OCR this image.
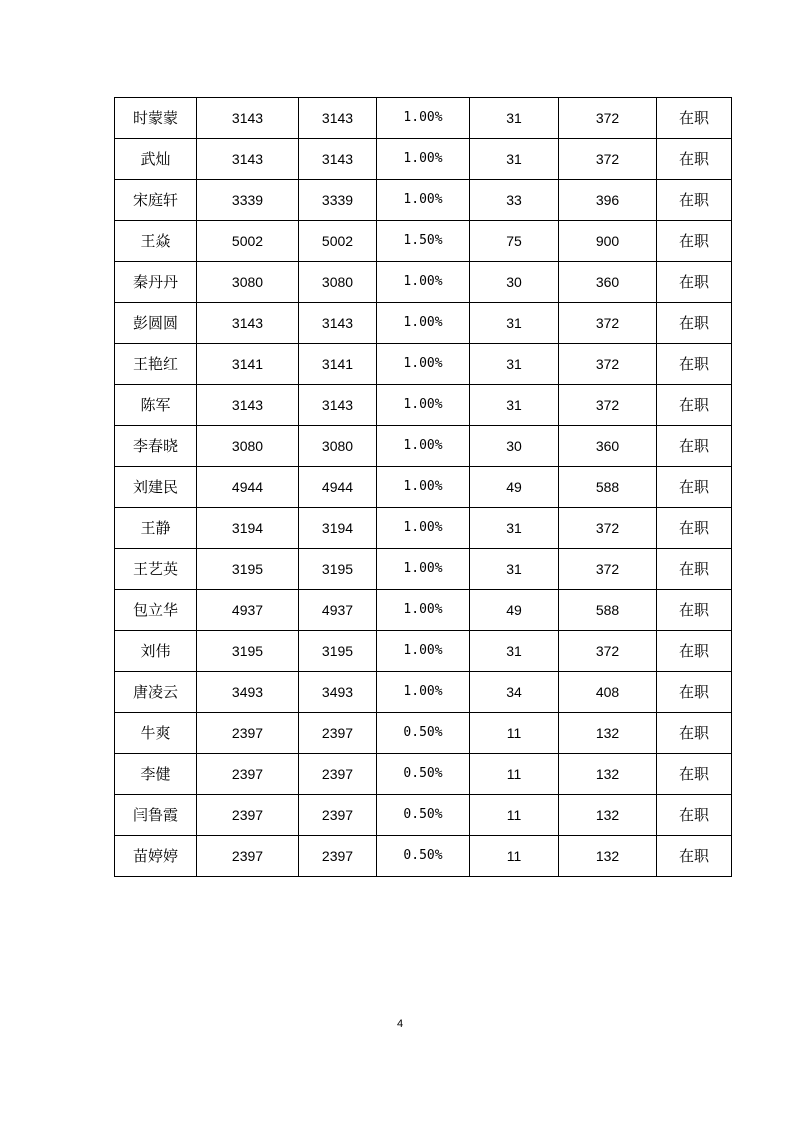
时蒙蒙	3143	3143	1.00%	31	372	在职
武灿	3143	3143	1.00%	31	372	在职
宋庭轩	3339	3339	1.00%	33	396	在职
王焱	5002	5002	1.50%	75	900	在职
秦丹丹	3080	3080	1.00%	30	360	在职
彭圆圆	3143	3143	1.00%	31	372	在职
王艳红	3141	3141	1.00%	31	372	在职
陈军	3143	3143	1.00%	31	372	在职
李春晓	3080	3080	1.00%	30	360	在职
刘建民	4944	4944	1.00%	49	588	在职
王静	3194	3194	1.00%	31	372	在职
王艺英	3195	3195	1.00%	31	372	在职
包立华	4937	4937	1.00%	49	588	在职
刘伟	3195	3195	1.00%	31	372	在职
唐凌云	3493	3493	1.00%	34	408	在职
牛爽	2397	2397	0.50%	11	132	在职
李健	2397	2397	0.50%	11	132	在职
闫鲁霞	2397	2397	0.50%	11	132	在职
苗婷婷	2397	2397	0.50%	11	132	在职
4
